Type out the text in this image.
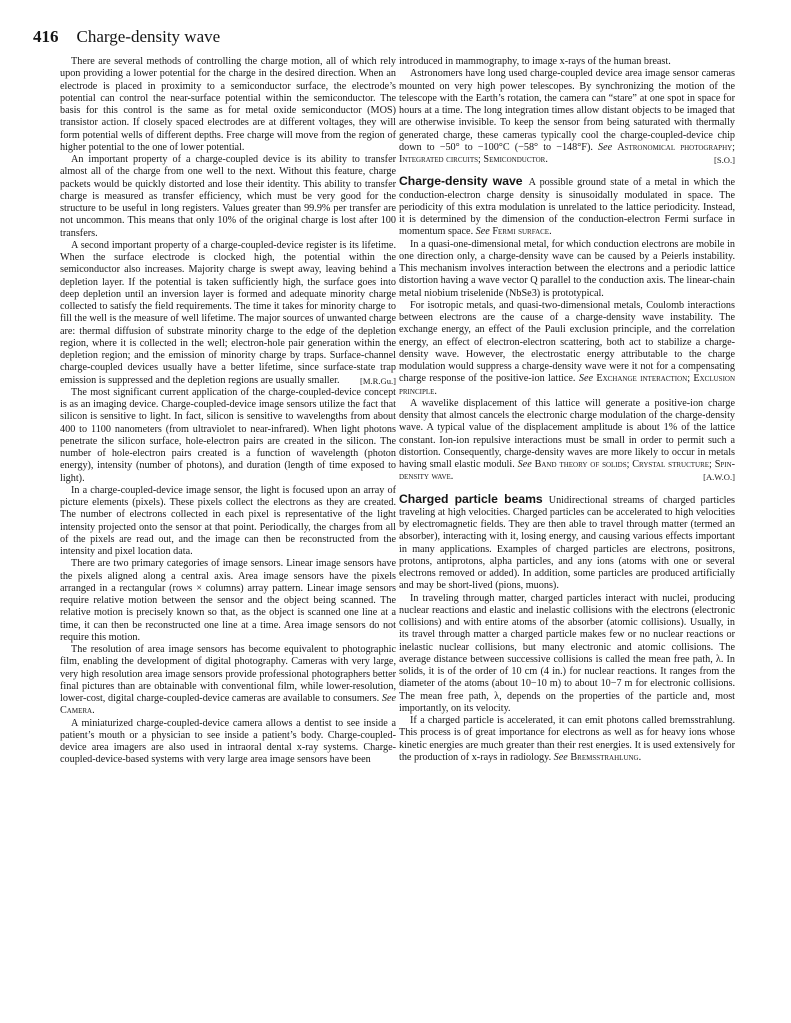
416 Charge-density wave

There are several methods of controlling the charge motion, all of which rely upon providing a lower potential for the charge in the desired direction. When an electrode is placed in proximity to a semiconductor surface, the electrode’s potential can control the near-surface potential within the semiconductor. The basis for this control is the same as for metal oxide semiconductor (MOS) transistor action. If closely spaced electrodes are at different voltages, they will form potential wells of different depths. Free charge will move from the region of higher potential to the one of lower potential.

An important property of a charge-coupled device is its ability to transfer almost all of the charge from one well to the next. Without this feature, charge packets would be quickly distorted and lose their identity. This ability to transfer charge is measured as transfer efficiency, which must be very good for the structure to be useful in long registers. Values greater than 99.9% per transfer are not uncommon. This means that only 10% of the original charge is lost after 100 transfers.

A second important property of a charge-coupled-device register is its lifetime. When the surface electrode is clocked high, the potential within the semiconductor also increases. Majority charge is swept away, leaving behind a depletion layer. If the potential is taken sufficiently high, the surface goes into deep depletion until an inversion layer is formed and adequate minority charge collected to satisfy the field requirements. The time it takes for minority charge to fill the well is the measure of well lifetime. The major sources of unwanted charge are: thermal diffusion of substrate minority charge to the edge of the depletion region, where it is collected in the well; electron-hole pair generation within the depletion region; and the emission of minority charge by traps. Surface-channel charge-coupled devices usually have a better lifetime, since surface-state trap emission is suppressed and the depletion regions are usually smaller.	[M.R.Gu.]

The most significant current application of the charge-coupled-device concept is as an imaging device. Charge-coupled-device image sensors utilize the fact that silicon is sensitive to light. In fact, silicon is sensitive to wavelengths from about 400 to 1100 nanometers (from ultraviolet to near-infrared). When light photons penetrate the silicon surface, hole-electron pairs are created in the silicon. The number of hole-electron pairs created is a function of wavelength (photon energy), intensity (number of photons), and duration (length of time exposed to light).

In a charge-coupled-device image sensor, the light is focused upon an array of picture elements (pixels). These pixels collect the electrons as they are created. The number of electrons collected in each pixel is representative of the light intensity projected onto the sensor at that point. Periodically, the charges from all of the pixels are read out, and the image can then be reconstructed from the intensity and pixel location data.

There are two primary categories of image sensors. Linear image sensors have the pixels aligned along a central axis. Area image sensors have the pixels arranged in a rectangular (rows × columns) array pattern. Linear image sensors require relative motion between the sensor and the object being scanned. The relative motion is precisely known so that, as the object is scanned one line at a time, it can then be reconstructed one line at a time. Area image sensors do not require this motion.

The resolution of area image sensors has become equivalent to photographic film, enabling the development of digital photography. Cameras with very large, very high resolution area image sensors provide professional photographers better final pictures than are obtainable with conventional film, while lower-resolution, lower-cost, digital charge-coupled-device cameras are available to consumers. See Camera.

A miniaturized charge-coupled-device camera allows a dentist to see inside a patient’s mouth or a physician to see inside a patient’s body. Charge-coupled-device area imagers are also used in intraoral dental x-ray systems. Charge-coupled-device-based systems with very large area image sensors have been

introduced in mammography, to image x-rays of the human breast.

Astronomers have long used charge-coupled device area image sensor cameras mounted on very high power telescopes. By synchronizing the motion of the telescope with the Earth’s rotation, the camera can “stare” at one spot in space for hours at a time. The long integration times allow distant objects to be imaged that are otherwise invisible. To keep the sensor from being saturated with thermally generated charge, these cameras typically cool the charge-coupled-device chip down to −50° to −100°C (−58° to −148°F). See Astronomical photography; Integrated circuits; Semiconductor.	[S.O.]

Charge-density wave A possible ground state of a metal in which the conduction-electron charge density is sinusoidally modulated in space. The periodicity of this extra modulation is unrelated to the lattice periodicity. Instead, it is determined by the dimension of the conduction-electron Fermi surface in momentum space. See Fermi surface.

In a quasi-one-dimensional metal, for which conduction electrons are mobile in one direction only, a charge-density wave can be caused by a Peierls instability. This mechanism involves interaction between the electrons and a periodic lattice distortion having a wave vector Q parallel to the conduction axis. The linear-chain metal niobium triselenide (NbSe3) is prototypical.

For isotropic metals, and quasi-two-dimensional metals, Coulomb interactions between electrons are the cause of a charge-density wave instability. The exchange energy, an effect of the Pauli exclusion principle, and the correlation energy, an effect of electron-electron scattering, both act to stabilize a charge-density wave. However, the electrostatic energy attributable to the charge modulation would suppress a charge-density wave were it not for a compensating charge response of the positive-ion lattice. See Exchange interaction; Exclusion principle.

A wavelike displacement of this lattice will generate a positive-ion charge density that almost cancels the electronic charge modulation of the charge-density wave. A typical value of the displacement amplitude is about 1% of the lattice constant. Ion-ion repulsive interactions must be small in order to permit such a distortion. Consequently, charge-density waves are more likely to occur in metals having small elastic moduli. See Band theory of solids; Crystal structure; Spin-density wave.	[A.W.O.]

Charged particle beams Unidirectional streams of charged particles traveling at high velocities. Charged particles can be accelerated to high velocities by electromagnetic fields. They are then able to travel through matter (termed an absorber), interacting with it, losing energy, and causing various effects important in many applications. Examples of charged particles are electrons, positrons, protons, antiprotons, alpha particles, and any ions (atoms with one or several electrons removed or added). In addition, some particles are produced artificially and may be short-lived (pions, muons).

In traveling through matter, charged particles interact with nuclei, producing nuclear reactions and elastic and inelastic collisions with the electrons (electronic collisions) and with entire atoms of the absorber (atomic collisions). Usually, in its travel through matter a charged particle makes few or no nuclear reactions or inelastic nuclear collisions, but many electronic and atomic collisions. The average distance between successive collisions is called the mean free path, λ. In solids, it is of the order of 10 cm (4 in.) for nuclear reactions. It ranges from the diameter of the atoms (about 10−10 m) to about 10−7 m for electronic collisions. The mean free path, λ, depends on the properties of the particle and, most importantly, on its velocity.

If a charged particle is accelerated, it can emit photons called bremsstrahlung. This process is of great importance for electrons as well as for heavy ions whose kinetic energies are much greater than their rest energies. It is used extensively for the production of x-rays in radiology. See Bremsstrahlung.
